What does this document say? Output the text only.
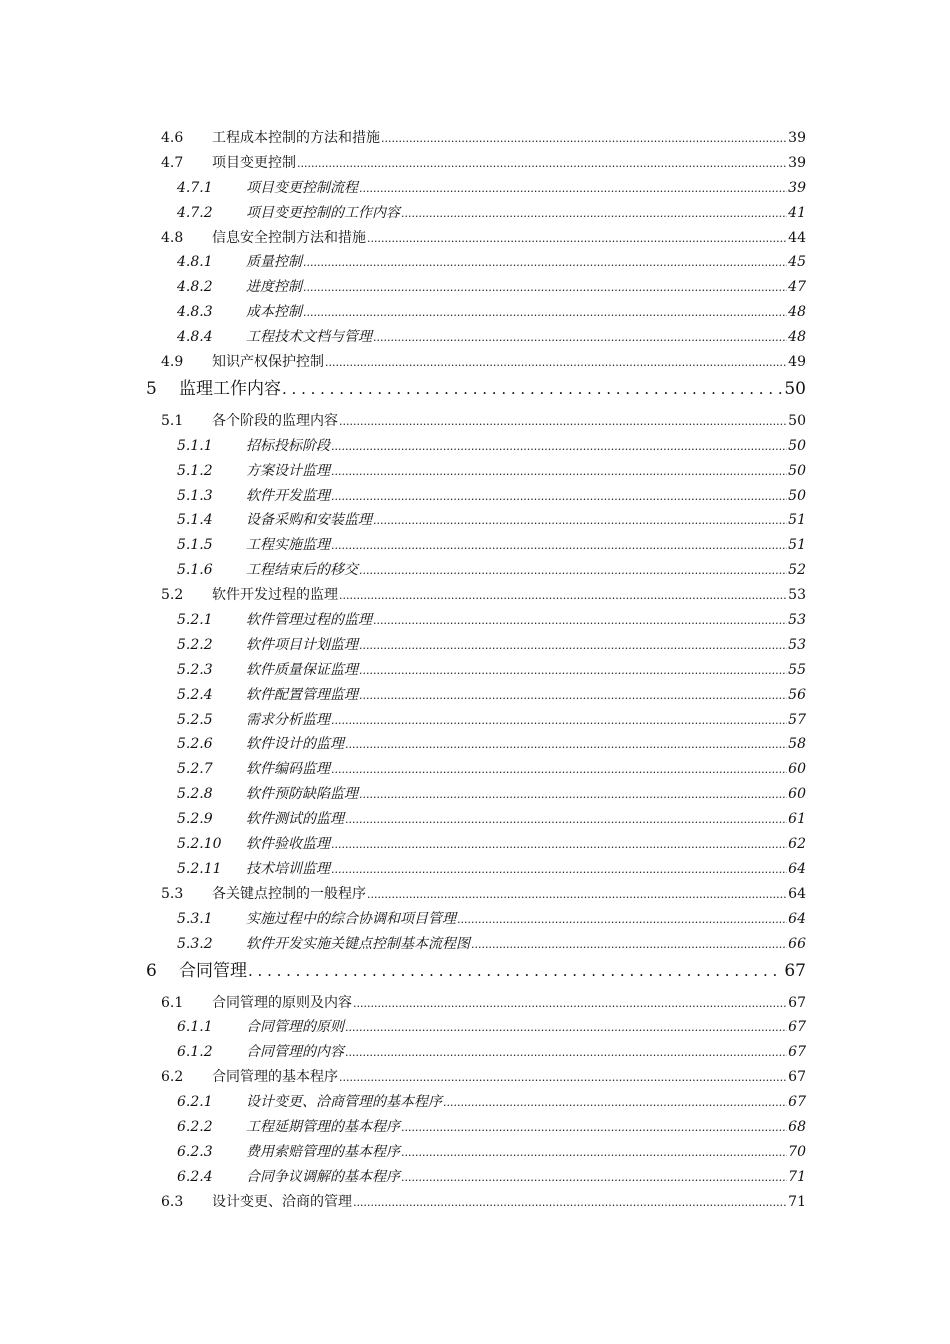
4.6	工程成本控制的方法和措施 .....	39
4.7	项目变更控制 .....	39
4.7.1	项目变更控制流程 .....	39
4.7.2	项目变更控制的工作内容 .....	41
4.8	信息安全控制方法和措施 .....	44
4.8.1	质量控制 .....	45
4.8.2	进度控制 .....	47
4.8.3	成本控制 .....	48
4.8.4	工程技术文档与管理 .....	48
4.9	知识产权保护控制 .....	49
5	监理工作内容 . . .	50
5.1	各个阶段的监理内容 .....	50
5.1.1	招标投标阶段 .....	50
5.1.2	方案设计监理 .....	50
5.1.3	软件开发监理 .....	50
5.1.4	设备采购和安装监理 .....	51
5.1.5	工程实施监理 .....	51
5.1.6	工程结束后的移交 .....	52
5.2	软件开发过程的监理 .....	53
5.2.1	软件管理过程的监理 .....	53
5.2.2	软件项目计划监理 .....	53
5.2.3	软件质量保证监理 .....	55
5.2.4	软件配置管理监理 .....	56
5.2.5	需求分析监理 .....	57
5.2.6	软件设计的监理 .....	58
5.2.7	软件编码监理 .....	60
5.2.8	软件预防缺陷监理 .....	60
5.2.9	软件测试的监理 .....	61
5.2.10	软件验收监理 .....	62
5.2.11	技术培训监理 .....	64
5.3	各关键点控制的一般程序 .....	64
5.3.1	实施过程中的综合协调和项目管理 .....	64
5.3.2	软件开发实施关键点控制基本流程图 .....	66
6	合同管理 . . .	67
6.1	合同管理的原则及内容 .....	67
6.1.1	合同管理的原则 .....	67
6.1.2	合同管理的内容 .....	67
6.2	合同管理的基本程序 .....	67
6.2.1	设计变更、洽商管理的基本程序 .....	67
6.2.2	工程延期管理的基本程序 .....	68
6.2.3	费用索赔管理的基本程序 .....	70
6.2.4	合同争议调解的基本程序 .....	71
6.3	设计变更、洽商的管理 .....	71
